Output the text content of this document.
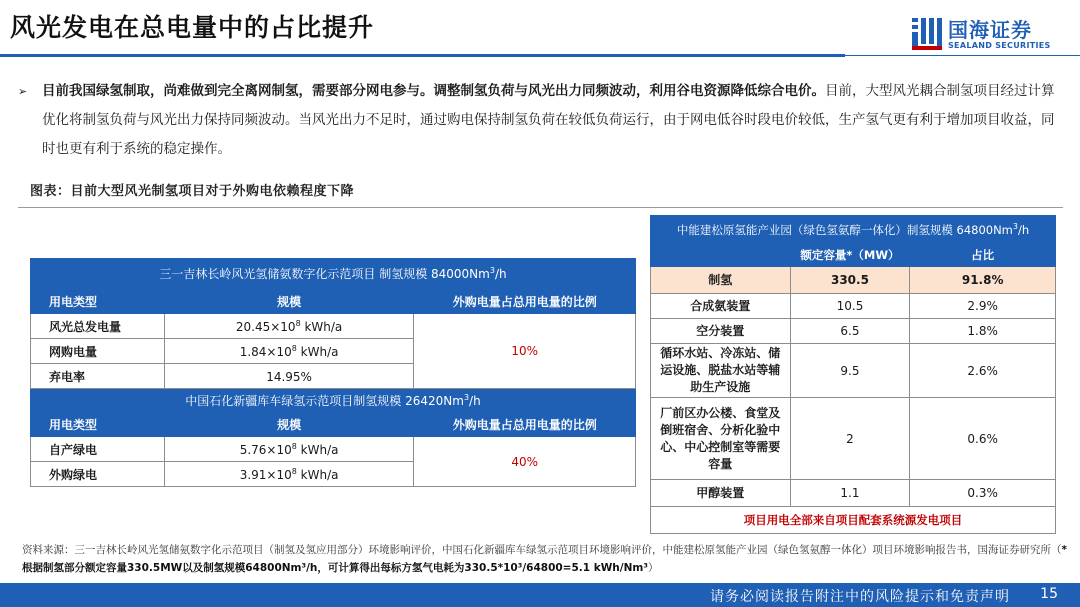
风光发电在总电量中的占比提升	国海证券
SEALAND SECURITIES
➢ 目前我国绿氢制取，尚难做到完全离网制氢，需要部分网电参与。调整制氢负荷与风光出力同频波动，利用谷电资源降低综合电价。目前，大型风光耦合制氢项目经过计算优化将制氢负荷与风光出力保持同频波动。当风光出力不足时，通过购电保持制氢负荷在较低负荷运行，由于网电低谷时段电价较低，生产氢气更有利于增加项目收益，同时也更有利于系统的稳定操作。
图表：目前大型风光制氢项目对于外购电依赖程度下降
三一吉林长岭风光氢储氨数字化示范项目 制氢规模 84000Nm$^3$/h		
用电类型	规模	外购电量占总用电量的比例
风光总发电量	$20.45\times 10^8$ kWh/a	10%
网购电量	$1.84\times 10^8$ kWh/a	
弃电率	14.95%	
中国石化新疆库车绿氢示范项目制氢规模 26420Nm$^3$/h		
用电类型	规模	外购电量占总用电量的比例
自产绿电	$5.76\times 10^8$ kWh/a	40%
外购绿电	$3.91\times 10^8$ kWh/a	
中能建松原氢能产业园（绿色氢氨醇一体化）制氢规模 64800Nm$^3$/h		
	额定容量*（MW）	占比
制氢	330.5	91.8%
合成氨装置	10.5	2.9%
空分装置	6.5	1.8%
循环水站、冷冻站、储运设施、脱盐水站等辅助生产设施	9.5	2.6%
厂前区办公楼、食堂及倒班宿舍、分析化验中心、中心控制室等需要容量	2	0.6%
甲醇装置	1.1	0.3%
项目用电全部来自项目配套系统源发电项目		
资料来源：三一吉林长岭风光氢储氨数字化示范项目（制氢及氢应用部分）环境影响评价，中国石化新疆库车绿氢示范项目环境影响评价，中能建松原氢能产业园（绿色氢氨醇一体化）项目环境影响报告书，国海证券研究所（*根据制氢部分额定容量330.5MW以及制氢规模64800Nm³/h，可计算得出每标方氢气电耗为330.5*10³/64800=5.1 kWh/Nm³）
请务必阅读报告附注中的风险提示和免责声明 15
